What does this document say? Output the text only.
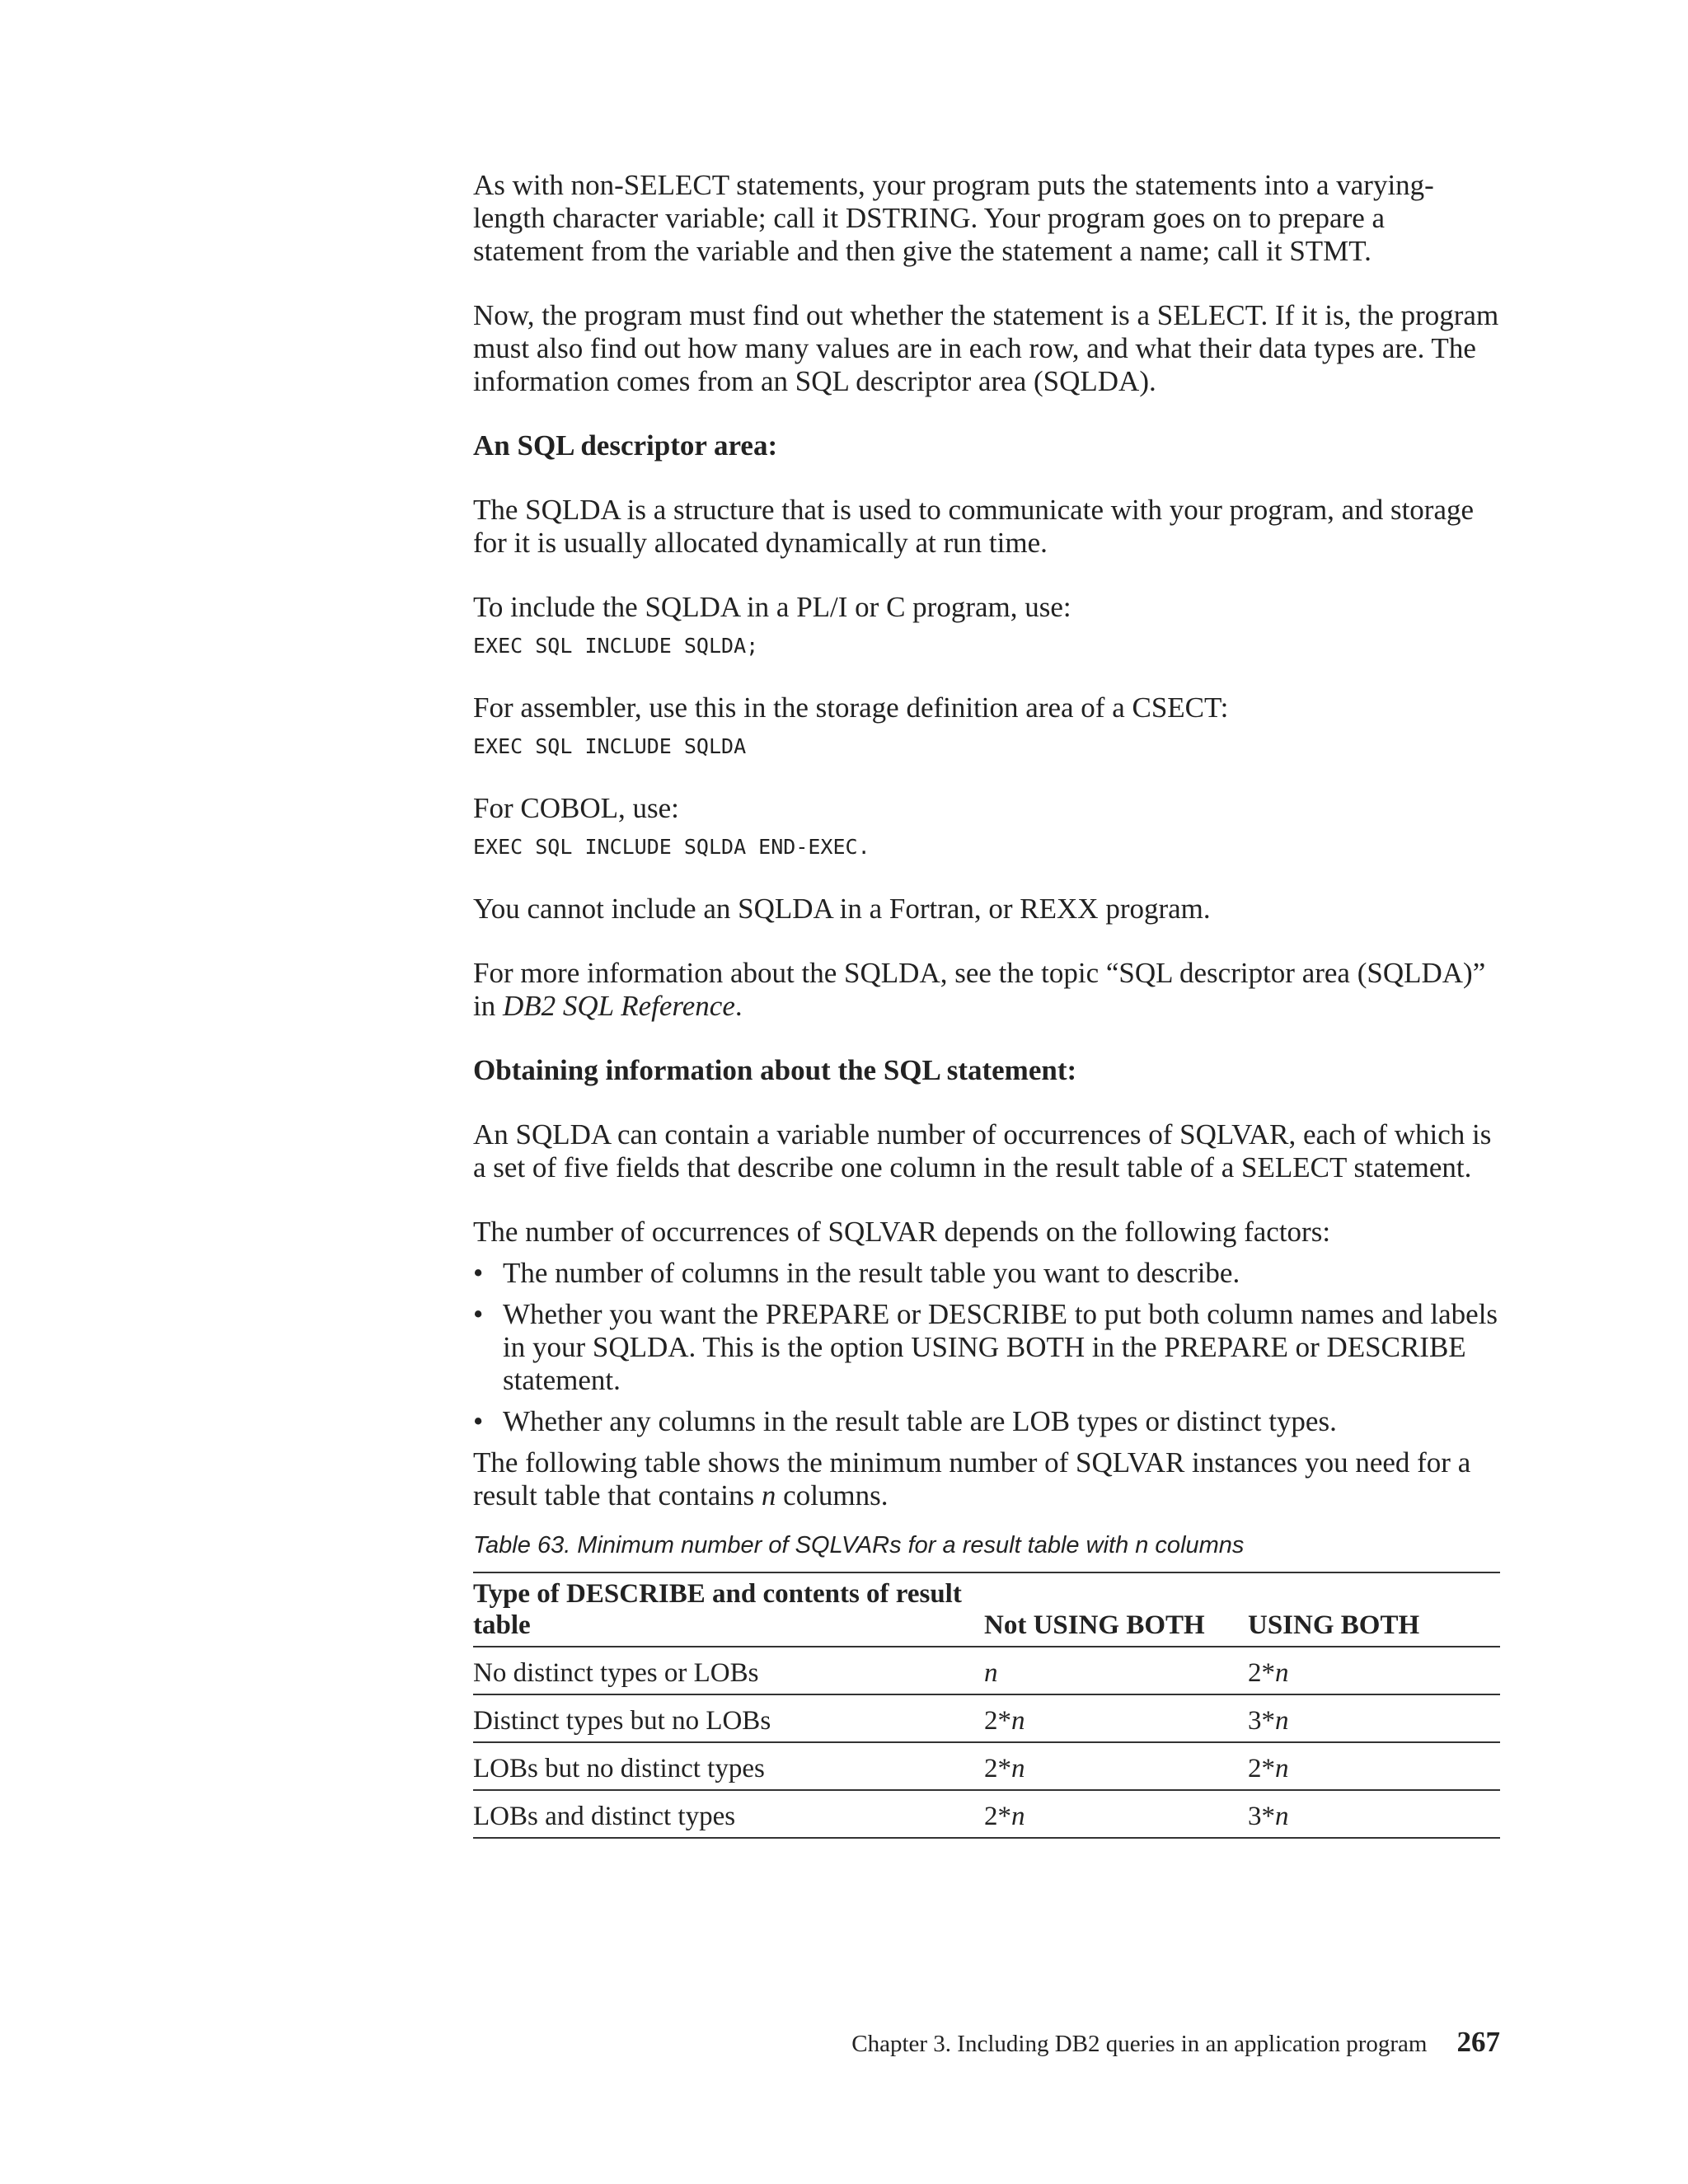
As with non-SELECT statements, your program puts the statements into a varying-length character variable; call it DSTRING. Your program goes on to prepare a statement from the variable and then give the statement a name; call it STMT.

Now, the program must find out whether the statement is a SELECT. If it is, the program must also find out how many values are in each row, and what their data types are. The information comes from an SQL descriptor area (SQLDA).

An SQL descriptor area:

The SQLDA is a structure that is used to communicate with your program, and storage for it is usually allocated dynamically at run time.

To include the SQLDA in a PL/I or C program, use:

EXEC SQL INCLUDE SQLDA;

For assembler, use this in the storage definition area of a CSECT:

EXEC SQL INCLUDE SQLDA

For COBOL, use:

EXEC SQL INCLUDE SQLDA END-EXEC.

You cannot include an SQLDA in a Fortran, or REXX program.

For more information about the SQLDA, see the topic “SQL descriptor area (SQLDA)” in DB2 SQL Reference.

Obtaining information about the SQL statement:

An SQLDA can contain a variable number of occurrences of SQLVAR, each of which is a set of five fields that describe one column in the result table of a SELECT statement.

The number of occurrences of SQLVAR depends on the following factors:

• The number of columns in the result table you want to describe.
• Whether you want the PREPARE or DESCRIBE to put both column names and labels in your SQLDA. This is the option USING BOTH in the PREPARE or DESCRIBE statement.
• Whether any columns in the result table are LOB types or distinct types.

The following table shows the minimum number of SQLVAR instances you need for a result table that contains n columns.

Table 63. Minimum number of SQLVARs for a result table with n columns
Type of DESCRIBE and contents of result table	Not USING BOTH	USING BOTH
No distinct types or LOBs	n	2*n
Distinct types but no LOBs	2*n	3*n
LOBs but no distinct types	2*n	2*n
LOBs and distinct types	2*n	3*n
Chapter 3. Including DB2 queries in an application program 267
